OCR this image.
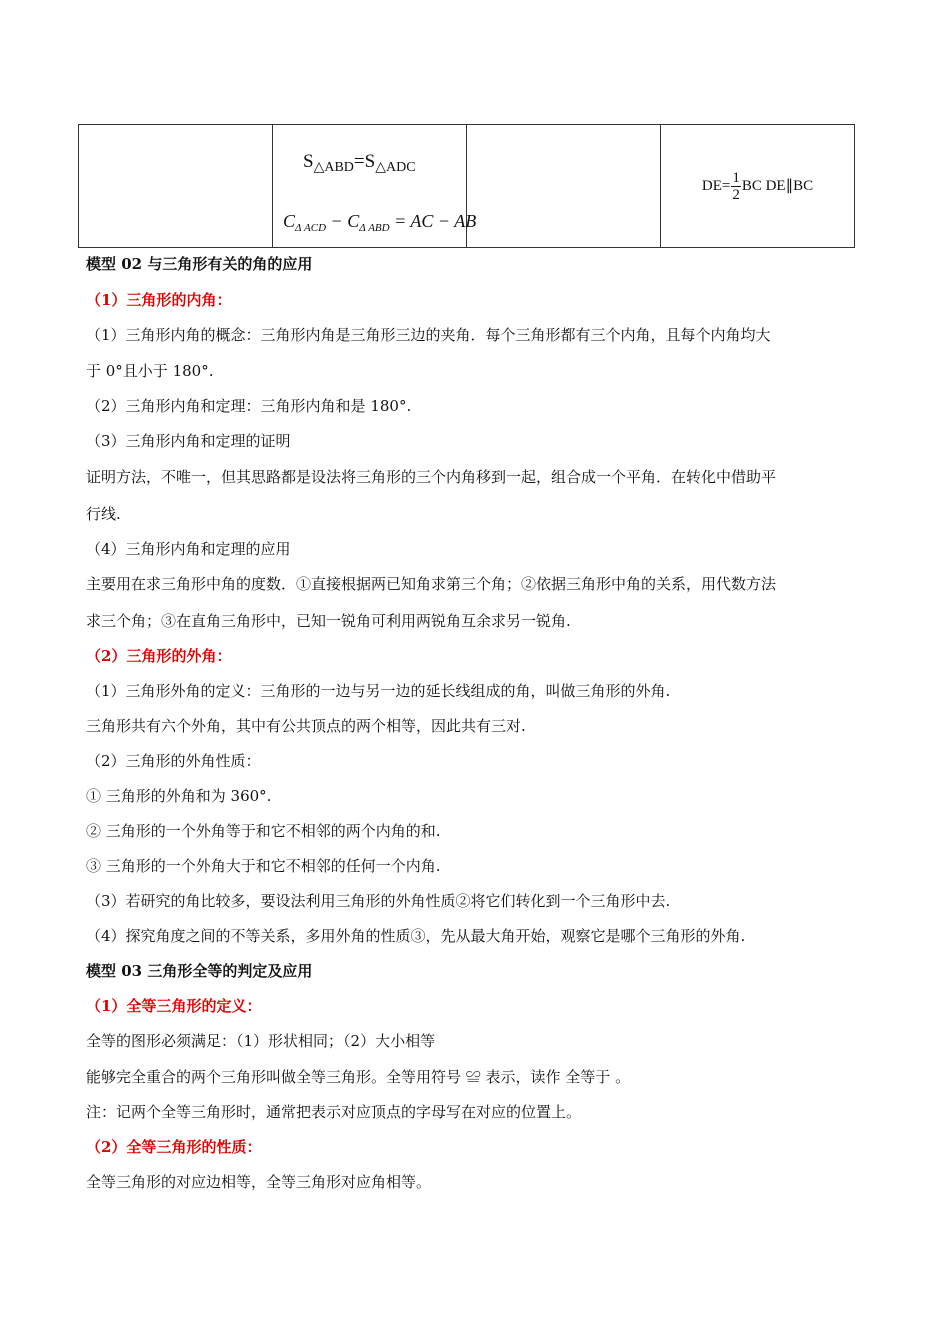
$S_{\triangle ABD}=S_{\triangle ADC}$
$C_{\Delta ACD} - C_{\Delta ABD}$ = AC − AB
		$DE= \frac{1}{2}$ BC DE∥BC
模型 02 与三角形有关的角的应用
（1）三角形的内角：
（1）三角形内角的概念：三角形内角是三角形三边的夹角．每个三角形都有三个内角，且每个内角均大
于 0°且小于 180°.
（2）三角形内角和定理：三角形内角和是 180°.
（3）三角形内角和定理的证明
证明方法，不唯一，但其思路都是设法将三角形的三个内角移到一起，组合成一个平角．在转化中借助平
行线.
（4）三角形内角和定理的应用
主要用在求三角形中角的度数．①直接根据两已知角求第三个角；②依据三角形中角的关系，用代数方法
求三个角；③在直角三角形中，已知一锐角可利用两锐角互余求另一锐角.
（2）三角形的外角：
（1）三角形外角的定义：三角形的一边与另一边的延长线组成的角，叫做三角形的外角.
三角形共有六个外角，其中有公共顶点的两个相等，因此共有三对.
（2）三角形的外角性质：
① 三角形的外角和为 360°.
② 三角形的一个外角等于和它不相邻的两个内角的和.
③ 三角形的一个外角大于和它不相邻的任何一个内角.
（3）若研究的角比较多，要设法利用三角形的外角性质②将它们转化到一个三角形中去.
（4）探究角度之间的不等关系，多用外角的性质③，先从最大角开始，观察它是哪个三角形的外角.
模型 03 三角形全等的判定及应用
（1）全等三角形的定义：
全等的图形必须满足：（1）形状相同；（2）大小相等
能够完全重合的两个三角形叫做全等三角形。全等用符号 ≌ 表示，读作 全等于 。
注：记两个全等三角形时，通常把表示对应顶点的字母写在对应的位置上。
（2）全等三角形的性质：
全等三角形的对应边相等，全等三角形对应角相等。
